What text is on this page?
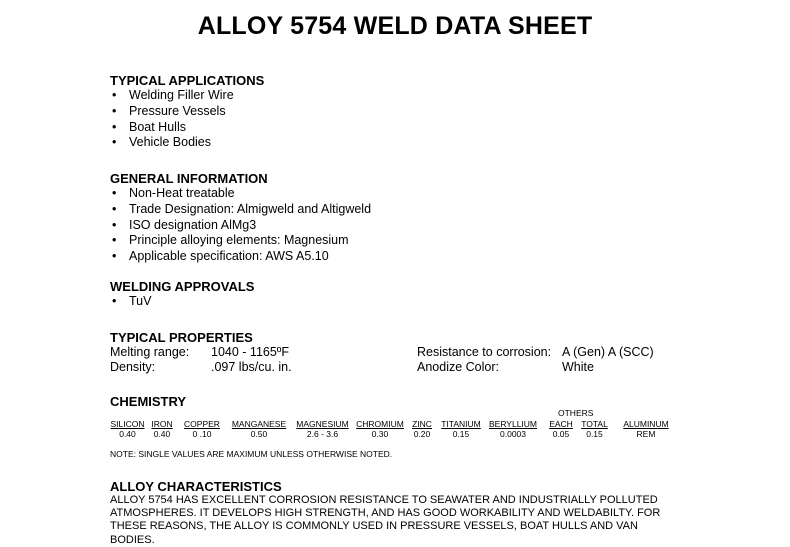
ALLOY 5754 WELD DATA SHEET
TYPICAL APPLICATIONS
• Welding Filler Wire
• Pressure Vessels
• Boat Hulls
• Vehicle Bodies
GENERAL INFORMATION
• Non-Heat treatable
• Trade Designation: Almigweld and Altigweld
• ISO designation AlMg3
• Principle alloying elements: Magnesium
• Applicable specification: AWS A5.10
WELDING APPROVALS
• TuV
TYPICAL PROPERTIES
Melting range: 1040 - 1165ºF
Density:	.097 lbs/cu. in.
Resistance to corrosion: A (Gen) A (SCC)
Anodize Color:	White
CHEMISTRY
OTHERS
SILICON
0.40
IRON
0.40
COPPER
0 .10
MANGANESE
0.50
MAGNESIUM
2.6 - 3.6
CHROMIUM
0.30
ZINC
0.20
TITANIUM
0.15
BERYLLIUM
0.0003
EACH
0.05
TOTAL
0.15
ALUMINUM
REM
NOTE: SINGLE VALUES ARE MAXIMUM UNLESS OTHERWISE NOTED.
ALLOY CHARACTERISTICS
ALLOY 5754 HAS EXCELLENT CORROSION RESISTANCE TO SEAWATER AND INDUSTRIALLY POLLUTED ATMOSPHERES. IT DEVELOPS HIGH STRENGTH, AND HAS GOOD WORKABILITY AND WELDABILTY. FOR THESE REASONS, THE ALLOY IS COMMONLY USED IN PRESSURE VESSELS, BOAT HULLS AND VAN BODIES.
